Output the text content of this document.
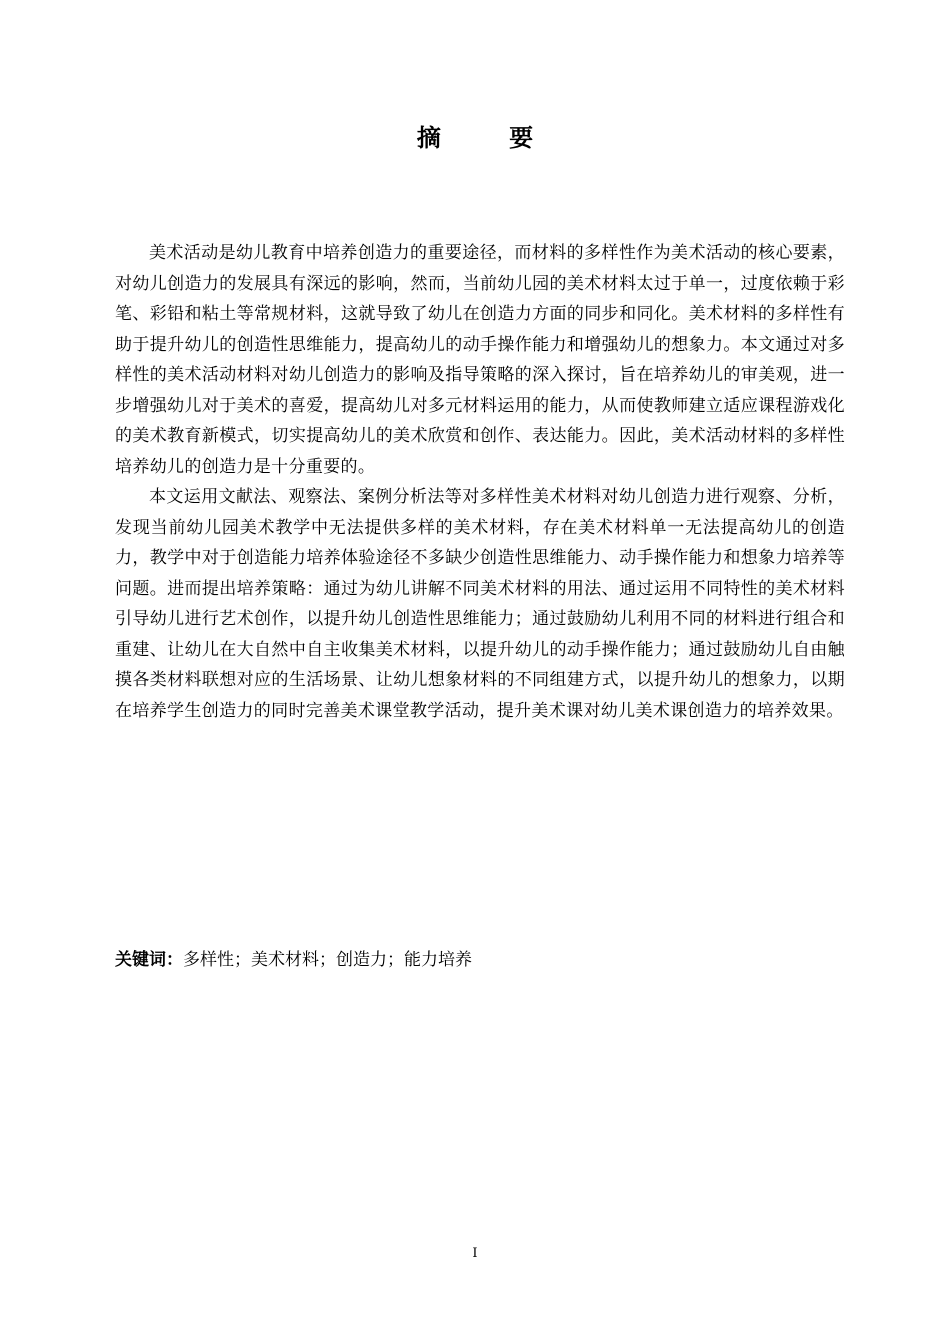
摘 要

美术活动是幼儿教育中培养创造力的重要途径，而材料的多样性作为美术活动的核心要素，对幼儿创造力的发展具有深远的影响，然而，当前幼儿园的美术材料太过于单一，过度依赖于彩笔、彩铅和粘土等常规材料，这就导致了幼儿在创造力方面的同步和同化。美术材料的多样性有助于提升幼儿的创造性思维能力，提高幼儿的动手操作能力和增强幼儿的想象力。本文通过对多样性的美术活动材料对幼儿创造力的影响及指导策略的深入探讨，旨在培养幼儿的审美观，进一步增强幼儿对于美术的喜爱，提高幼儿对多元材料运用的能力，从而使教师建立适应课程游戏化的美术教育新模式，切实提高幼儿的美术欣赏和创作、表达能力。因此，美术活动材料的多样性培养幼儿的创造力是十分重要的。

本文运用文献法、观察法、案例分析法等对多样性美术材料对幼儿创造力进行观察、分析，发现当前幼儿园美术教学中无法提供多样的美术材料，存在美术材料单一无法提高幼儿的创造力，教学中对于创造能力培养体验途径不多缺少创造性思维能力、动手操作能力和想象力培养等问题。进而提出培养策略：通过为幼儿讲解不同美术材料的用法、通过运用不同特性的美术材料引导幼儿进行艺术创作，以提升幼儿创造性思维能力；通过鼓励幼儿利用不同的材料进行组合和重建、让幼儿在大自然中自主收集美术材料，以提升幼儿的动手操作能力；通过鼓励幼儿自由触摸各类材料联想对应的生活场景、让幼儿想象材料的不同组建方式，以提升幼儿的想象力，以期在培养学生创造力的同时完善美术课堂教学活动，提升美术课对幼儿美术课创造力的培养效果。

关键词：多样性；美术材料；创造力；能力培养
I
